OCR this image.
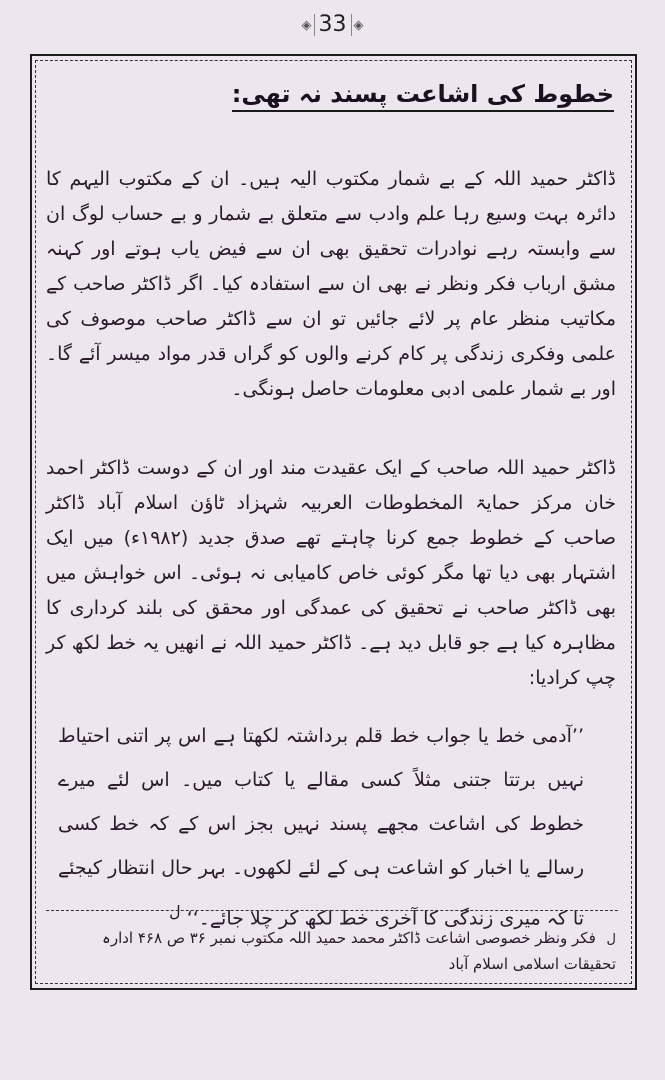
◈ 33 ◈
خطوط کی اشاعت پسند نہ تھی:

ڈاکٹر حمید اللہ کے بے شمار مکتوب الیہ ہیں۔ ان کے مکتوب الیہم کا دائرہ بہت وسیع رہا علم وادب سے متعلق بے شمار و بے حساب لوگ ان سے وابستہ رہے نوادرات تحقیق بھی ان سے فیض یاب ہوتے اور کہنہ مشق ارباب فکر ونظر نے بھی ان سے استفادہ کیا۔ اگر ڈاکٹر صاحب کے مکاتیب منظر عام پر لائے جائیں تو ان سے ڈاکٹر صاحب موصوف کی علمی وفکری زندگی پر کام کرنے والوں کو گراں قدر مواد میسر آئے گا۔ اور بے شمار علمی ادبی معلومات حاصل ہونگی۔

ڈاکٹر حمید اللہ صاحب کے ایک عقیدت مند اور ان کے دوست ڈاکٹر احمد خان مرکز حمایۃ المخطوطات العربیہ شہزاد ٹاؤن اسلام آباد ڈاکٹر صاحب کے خطوط جمع کرنا چاہتے تھے صدق جدید (۱۹۸۲ء) میں ایک اشتہار بھی دیا تھا مگر کوئی خاص کامیابی نہ ہوئی۔ اس خواہش میں بھی ڈاکٹر صاحب نے تحقیق کی عمدگی اور محقق کی بلند کرداری کا مظاہرہ کیا ہے جو قابل دید ہے۔ ڈاکٹر حمید اللہ نے انھیں یہ خط لکھ کر چپ کرادیا:

’’آدمی خط یا جواب خط قلم برداشتہ لکھتا ہے اس پر اتنی احتیاط نہیں برتتا جتنی مثلاً کسی مقالے یا کتاب میں۔ اس لئے میرے خطوط کی اشاعت مجھے پسند نہیں بجز اس کے کہ خط کسی رسالے یا اخبار کو اشاعت ہی کے لئے لکھوں۔ بہر حال انتظار کیجئے تا کہ میری زندگی کا آخری خط لکھ کر چلا جائے۔‘‘ $^ل$

ل فکر ونظر خصوصی اشاعت ڈاکٹر محمد حمید اللہ مکتوب نمبر ۳۶ ص ۴۶۸ ادارہ تحقیقات اسلامی اسلام آباد
